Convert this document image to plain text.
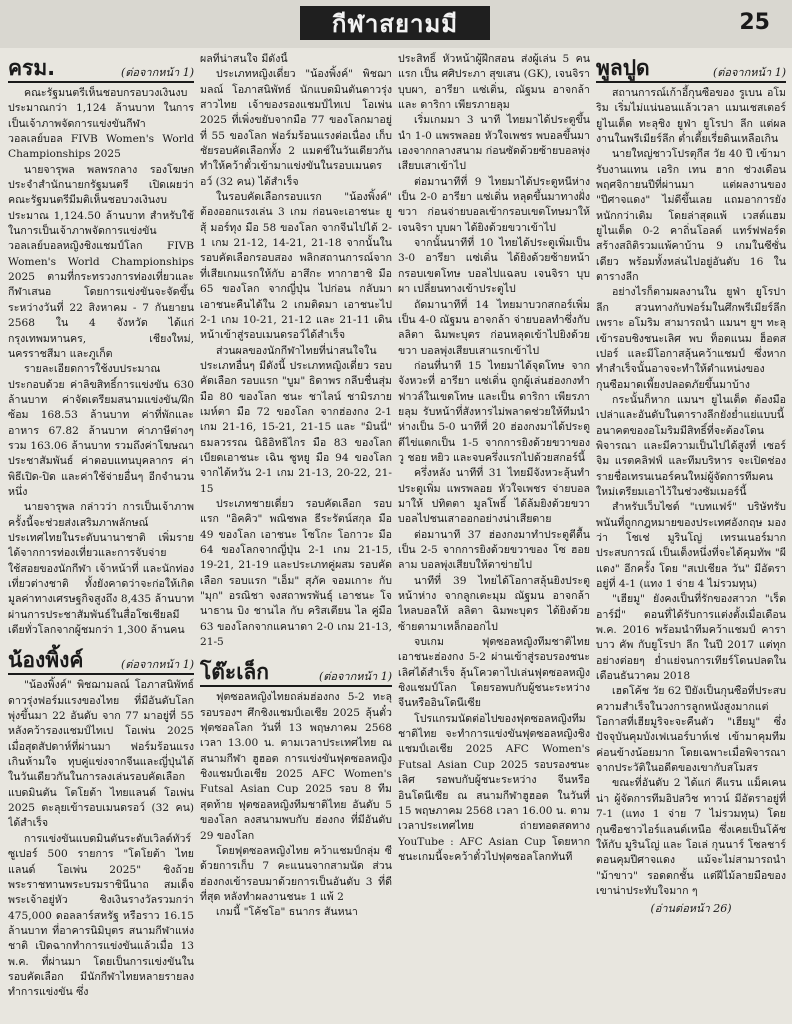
กีฬาสยามมี	25
ครม.	(ต่อจากหน้า 1)

คณะรัฐมนตรีเห็นชอบกรอบวงเงินงบประมาณกว่า 1,124 ล้านบาท ในการเป็นเจ้าภาพจัดการแข่งขันกีฬาวอลเลย์บอล FIVB Women's World Championships 2025

นายจารุพล พลพรกลาง รองโฆษกประจำสำนักนายกรัฐมนตรี เปิดเผยว่า คณะรัฐมนตรีมีมติเห็นชอบวงเงินงบประมาณ 1,124.50 ล้านบาท สำหรับใช้ในการเป็นเจ้าภาพจัดการแข่งขันวอลเลย์บอลหญิงชิงแชมป์โลก FIVB Women's World Championships 2025 ตามที่กระทรวงการท่องเที่ยวและกีฬาเสนอ โดยการแข่งขันจะจัดขึ้นระหว่างวันที่ 22 สิงหาคม - 7 กันยายน 2568 ใน 4 จังหวัด ได้แก่ กรุงเทพมหานคร, เชียงใหม่, นครราชสีมา และภูเก็ต

รายละเอียดการใช้งบประมาณประกอบด้วย ค่าลิขสิทธิ์การแข่งขัน 630 ล้านบาท ค่าจัดเตรียมสนามแข่งขัน/ฝึกซ้อม 168.53 ล้านบาท ค่าที่พักและอาหาร 67.82 ล้านบาท ค่าภาษีต่างๆ รวม 163.06 ล้านบาท รวมถึงค่าโฆษณาประชาสัมพันธ์ ค่าตอบแทนบุคลากร ค่าพิธีเปิด-ปิด และค่าใช้จ่ายอื่นๆ อีกจำนวนหนึ่ง

นายจารุพล กล่าวว่า การเป็นเจ้าภาพครั้งนี้จะช่วยส่งเสริมภาพลักษณ์ประเทศไทยในระดับนานาชาติ เพิ่มรายได้จากการท่องเที่ยวและการจับจ่ายใช้สอยของนักกีฬา เจ้าหน้าที่ และนักท่องเที่ยวต่างชาติ ทั้งยังคาดว่าจะก่อให้เกิดมูลค่าทางเศรษฐกิจสูงถึง 8,435 ล้านบาท ผ่านการประชาสัมพันธ์ในสื่อโซเชียลมีเดียทั่วโลกจากผู้ชมกว่า 1,300 ล้านคน

น้องพิ้งค์	(ต่อจากหน้า 1)

"น้องพิ้งค์" พิชฌามลณ์ โอภาสนิพัทธ์ ดาวรุ่งฟอร์มแรงของไทย ที่มีอันดับโลกพุ่งขึ้นมา 22 อันดับ จาก 77 มาอยู่ที่ 55 หลังคว้ารองแชมป์ไทเป โอเพ่น 2025 เมื่อสุดสัปดาห์ที่ผ่านมา ฟอร์มร้อนแรงเกินห้ามใจ ทุบคู่แข่งจากจีนและญี่ปุ่นได้ในวันเดียวกันในการลงเล่นรอบคัดเลือกแบดมินตัน โตโยต้า ไทยแลนด์ โอเพ่น 2025 ตะลุยเข้ารอบเมนดรอว์ (32 คน) ได้สำเร็จ

การแข่งขันแบดมินตันระดับเวิลด์ทัวร์ ซูเปอร์ 500 รายการ "โตโยต้า ไทยแลนด์ โอเพ่น 2025" ชิงถ้วยพระราชทานพระบรมราชินีนาถ สมเด็จพระเจ้าอยู่หัว ชิงเงินรางวัลรวมกว่า 475,000 ดอลลาร์สหรัฐ หรือราว 16.15 ล้านบาท ที่อาคารนิมิบุตร สนามกีฬาแห่งชาติ เปิดฉากทำการแข่งขันแล้วเมื่อ 13 พ.ค. ที่ผ่านมา โดยเป็นการแข่งขันในรอบคัดเลือก มีนักกีฬาไทยหลายรายลงทำการแข่งขัน ซึ่ง

ผลที่น่าสนใจ มีดังนี้

ประเภทหญิงเดี่ยว "น้องพิ้งค์" พิชฌามลณ์ โอภาสนิพัทธ์ นักแบดมินตันดาวรุ่งสาวไทย เจ้าของรองแชมป์ไทเป โอเพ่น 2025 ที่เพิ่งขยับจากมือ 77 ของโลกมาอยู่ที่ 55 ของโลก ฟอร์มร้อนแรงต่อเนื่อง เก็บชัยรอบคัดเลือกทั้ง 2 แมตช์ในวันเดียวกัน ทำให้คว้าตั๋วเข้ามาแข่งขันในรอบเมนดรอว์ (32 คน) ได้สำเร็จ

ในรอบคัดเลือกรอบแรก "น้องพิ้งค์" ต้องออกแรงเล่น 3 เกม ก่อนจะเอาชนะ ยู สุ้ มอร์ทุง มือ 58 ของโลก จากจีนไปได้ 2-1 เกม 21-12, 14-21, 21-18 จากนั้นในรอบคัดเลือกรอบสอง พลิกสถานการณ์จากที่เสียเกมแรกให้กับ อาสึกะ ทากาฮาชิ มือ 65 ของโลก จากญี่ปุ่น ไปก่อน กลับมาเอาชนะคืนได้ใน 2 เกมติดมา เอาชนะไป 2-1 เกม 10-21, 21-12 และ 21-11 เดินหน้าเข้าสู่รอบเมนดรอว์ได้สำเร็จ

ส่วนผลของนักกีฬาไทยที่น่าสนใจในประเภทอื่นๆ มีดังนี้ ประเภทหญิงเดี่ยว รอบคัดเลือก รอบแรก "บูม" ธิดาพร กลีบชื่นสุ่ม มือ 80 ของโลก ชนะ ชาไลน์ ชามิรภาย เมห์ตา มือ 72 ของโลก จากฮ่องกง 2-1 เกม 21-16, 15-21, 21-15 และ "มินนี่" ธมลวรรณ นิธิอิทธิไกร มือ 83 ของโลก เบียดเอาชนะ เฉิน ซูหยู มือ 94 ของโลก จากไต้หวัน 2-1 เกม 21-13, 20-22, 21-15

ประเภทชายเดี่ยว รอบคัดเลือก รอบแรก "อิคคิว" พณิชพล ธีระรัตน์สกุล มือ 49 ของโลก เอาชนะ โซโกะ โอกาวะ มือ 64 ของโลกจากญี่ปุ่น 2-1 เกม 21-15, 19-21, 21-19 และประเภทคู่ผสม รอบคัดเลือก รอบแรก "เอ็ม" สุภัค จอมเกาะ กับ "มุก" อรณิชา จงสถาพรพันธุ์ เอาชนะ โจนาธาน บิง ชานไล กับ คริสเตียน ไล คู่มือ 63 ของโลกจากแคนาดา 2-0 เกม 21-13, 21-5

โต๊ะเล็ก	(ต่อจากหน้า 1)

ฟุตซอลหญิงไทยถล่มฮ่องกง 5-2 ทะลุรอบรองฯ ศึกชิงแชมป์เอเชีย 2025 ลุ้นตั๋วฟุตซอลโลก วันที่ 13 พฤษภาคม 2568 เวลา 13.00 น. ตามเวลาประเทศไทย ณ สนามกีฬา ฮูฮอต การแข่งขันฟุตซอลหญิงชิงแชมป์เอเชีย 2025 AFC Women's Futsal Asian Cup 2025 รอบ 8 ทีมสุดท้าย ฟุตซอลหญิงทีมชาติไทย อันดับ 5 ของโลก ลงสนามพบกับ ฮ่องกง ที่มีอันดับ 29 ของโลก

โดยฟุตซอลหญิงไทย คว้าแชมป์กลุ่ม ซี ด้วยการเก็บ 7 คะแนนจากสามนัด ส่วนฮ่องกงเข้ารอบมาด้วยการเป็นอันดับ 3 ที่ดีที่สุด หลังทำผลงานชนะ 1 แพ้ 2

เกมนี้ "โค้ชโอ" ธนากร สันหนา

ประสิทธิ์ หัวหน้าผู้ฝึกสอน ส่งผู้เล่น 5 คนแรก เป็น ศศิประภา สุขเสน (GK), เจนจิรา บุบผา, อารียา แซ่เติ่น, ณัฐมน อาจกล้า และ ดาริกา เพียรภายลุม

เริ่มเกมมา 3 นาที ไทยมาได้ประตูขึ้นนำ 1-0 แพรพลอย หัวใจเพชร พบอลขึ้นมาเองจากกลางสนาม ก่อนซัดด้วยซ้ายบอลพุ่งเสียบเสาเข้าไป

ต่อมานาทีที่ 9 ไทยมาได้ประตูหนีห่างเป็น 2-0 อารียา แซ่เติ่น หลุดขึ้นมาทางฝั่งขวา ก่อนจ่ายบอลเข้ากรอบเขตโทษมาให้ เจนจิรา บุบผา ได้ยิงด้วยขวาเข้าไป

จากนั้นนาทีที่ 10 ไทยได้ประตูเพิ่มเป็น 3-0 อารียา แซ่เติ่น ได้ยิงด้วยซ้ายหน้ากรอบเขตโทษ บอลไปแฉลบ เจนจิรา บุบผา เปลี่ยนทางเข้าประตูไป

ถัดมานาทีที่ 14 ไทยมาบวกสกอร์เพิ่มเป็น 4-0 ณัฐมน อาจกล้า จ่ายบอลทำซึ่งกับ ลลิตา ฉิมพะบุตร ก่อนหลุดเข้าไปยิงด้วยขวา บอลพุ่งเสียบเสาแรกเข้าไป

ก่อนที่นาที 15 ไทยมาได้จุดโทษ จากจังหวะที่ อารียา แซ่เติ่น ถูกผู้เล่นฮ่องกงทำฟาวล์ในเขตโทษ และเป็น ดาริกา เพียรภายลุม รับหน้าที่สังหารไม่พลาดช่วยให้ทีมนำห่างเป็น 5-0 นาทีที่ 20 ฮ่องกงมาได้ประตูตีไข่แตกเป็น 1-5 จากการยิงด้วยขวาของ วู ชอย หยิว และจบครึ่งแรกไปด้วยสกอร์นี้

ครึ่งหลัง นาทีที่ 31 ไทยมีจังหวะลุ้นทำประตูเพิ่ม แพรพลอย หัวใจเพชร จ่ายบอลมาให้ ปทิตตา มูลโพธิ์ ได้ล้มยิงด้วยขวา บอลไปชนเสาออกอย่างน่าเสียดาย

ต่อมานาที 37 ฮ่องกงมาทำประตูตีตื้นเป็น 2-5 จากการยิงด้วยขวาของ โซ ฮอย ลาม บอลพุ่งเสียบให้ตาข่ายไป

นาทีที่ 39 ไทยได้โอกาสลุ้นยิงประตูหน้าห่าง จากลูกเตะมุม ณัฐมน อาจกล้า ไหลบอลให้ ลลิตา ฉิมพะบุตร ได้ยิงด้วยซ้ายตามาเหล็กออกไป

จบเกม ฟุตซอลหญิงทีมชาติไทย เอาชนะฮ่องกง 5-2 ผ่านเข้าสู่รอบรองชนะเลิศได้สำเร็จ ลุ้นโควตาไปเล่นฟุตซอลหญิงชิงแชมป์โลก โดยรอพบกับผู้ชนะระหว่างจีนหรืออินโดนีเซีย

โปรแกรมนัดต่อไปของฟุตซอลหญิงทีมชาติไทย จะทำการแข่งขันฟุตซอลหญิงชิงแชมป์เอเชีย 2025 AFC Women's Futsal Asian Cup 2025 รอบรองชนะเลิศ รอพบกับผู้ชนะระหว่าง จีนหรืออินโดนีเซีย ณ สนามกีฬาฮูฮอต ในวันที่ 15 พฤษภาคม 2568 เวลา 16.00 น. ตามเวลาประเทศไทย ถ่ายทอดสดทาง YouTube : AFC Asian Cup โดยหากชนะเกมนี้จะคว้าตั๋วไปฟุตซอลโลกทันที

พูลปูด	(ต่อจากหน้า 1)

สถานการณ์เก้าอี้กุนซือของ รูเบน อโมริม เริ่มไม่แน่นอนแล้วเวลา แมนเชสเตอร์ ยูไนเต็ด ทะลุชิง ยูฟ่า ยูโรปา ลีก แต่ผลงานในพรีเมียร์ลีก ต่ำเตี้ยเรี่ยดินเหลือเกิน

นายใหญ่ชาวโปรตุกีส วัย 40 ปี เข้ามารับงานแทน เอริก เทน ฮาก ช่วงเดือนพฤศจิกายนปีที่ผ่านมา แต่ผลงานของ "ปีศาจแดง" ไม่ดีขึ้นเลย แถมอาการยังหนักกว่าเดิม โดยล่าสุดแพ้ เวสต์แฮม ยูไนเต็ด 0-2 คาถิ่นโอลด์ แทร์ฟฟอร์ด สร้างสถิติรวมแพ้คาบ้าน 9 เกมในซีซั่นเดียว พร้อมทั้งหล่นไปอยู่อันดับ 16 ในตารางลีก

อย่างไรก็ตามผลงานใน ยูฟ่า ยูโรปา ลีก สวนทางกับฟอร์มในศึกพรีเมียร์ลีก เพราะ อโมริม สามารถนำ แมนฯ ยูฯ ทะลุเข้ารอบชิงชนะเลิศ พบ ท็อตแนม ฮ็อตสเปอร์ และมีโอกาสลุ้นคว้าแชมป์ ซึ่งหากทำสำเร็จนั้นอาจจะทำให้ตำแหน่งของ กุนซือมาดเพี้ยงปลอดภัยขึ้นมาบ้าง

กระนั้นก็หาก แมนฯ ยูไนเต็ด ต้องมือเปล่าและอันดับในตารางลีกยังย่ำแย่แบบนี้ อนาคตของอโมริมมีสิทธิ์ที่จะต้องโดนพิจารณา และมีความเป็นไปได้สูงที่ เซอร์จิม แรตคลิฟฟ์ และทีมบริหาร จะเปิดช่องรายชื่อเทรนเนอร์คนใหม่ผู้จัดการทีมคนใหม่เตรียมเอาไว้ในช่วงซัมเมอร์นี้

สำหรับเว็บไซต์ "เบทแฟร์" บริษัทรับพนันที่ถูกกฎหมายของประเทศอังกฤษ มองว่า โชเช่ มูรินโญ่ เทรนเนอร์มากประสบการณ์ เป็นเต็งหนึ่งที่จะได้คุมทัพ "ผีแดง" อีกครั้ง โดย "สเปเชียล วัน" มีอัตราอยู่ที่ 4-1 (แทง 1 จ่าย 4 ไม่รวมทุน)

"เฮียมู" ยังคงเป็นที่รักของสาวก "เร็ด อาร์มี่" ตอนที่ได้รับการแต่งตั้งเมื่อเดือน พ.ค. 2016 พร้อมนำทีมคว้าแชมป์ คาราบาว คัพ กับยูโรปา ลีก ในปี 2017 แต่ทุกอย่างต่อยๆ ย่ำแย่จนการเทียร์โดนปลดในเดือนธันวาคม 2018

เฮดโค้ช วัย 62 ปียังเป็นกุนซือที่ประสบความสำเร็จในวงการลูกหนังสูงมากแต่โอกาสที่เฮียมูริจะจะคืนตัว "เฮียมู" ซึ่งปัจจุบันคุมบังเฟเนอร์บาห์เช่ เข้ามาคุมทีมค่อนข้างน้อยมาก โดยเฉพาะเมื่อพิจารณาจากประวัติในอดีตของเขากับสโมสร

ขณะที่อันดับ 2 ได้แก่ คีแรน แม็คเคนน่า ผู้จัดการทีมอิปสวิช ทาวน์ มีอัตราอยู่ที่ 7-1 (แทง 1 จ่าย 7 ไม่รวมทุน) โดย กุนซือชาวไอร์แลนด์เหนือ ซึ่งเคยเป็นโค้ชให้กับ มูรินโญ่ และ โอเล่ กุนนาร์ โซลชาร์ ตอนคุมปีศาจแดง แม้จะไม่สามารถนำ "ม้าขาว" รอดตกชั้น แต่ฝีไม้ลายมือของเขาน่าประทับใจมาก ๆ

(อ่านต่อหน้า 26)
